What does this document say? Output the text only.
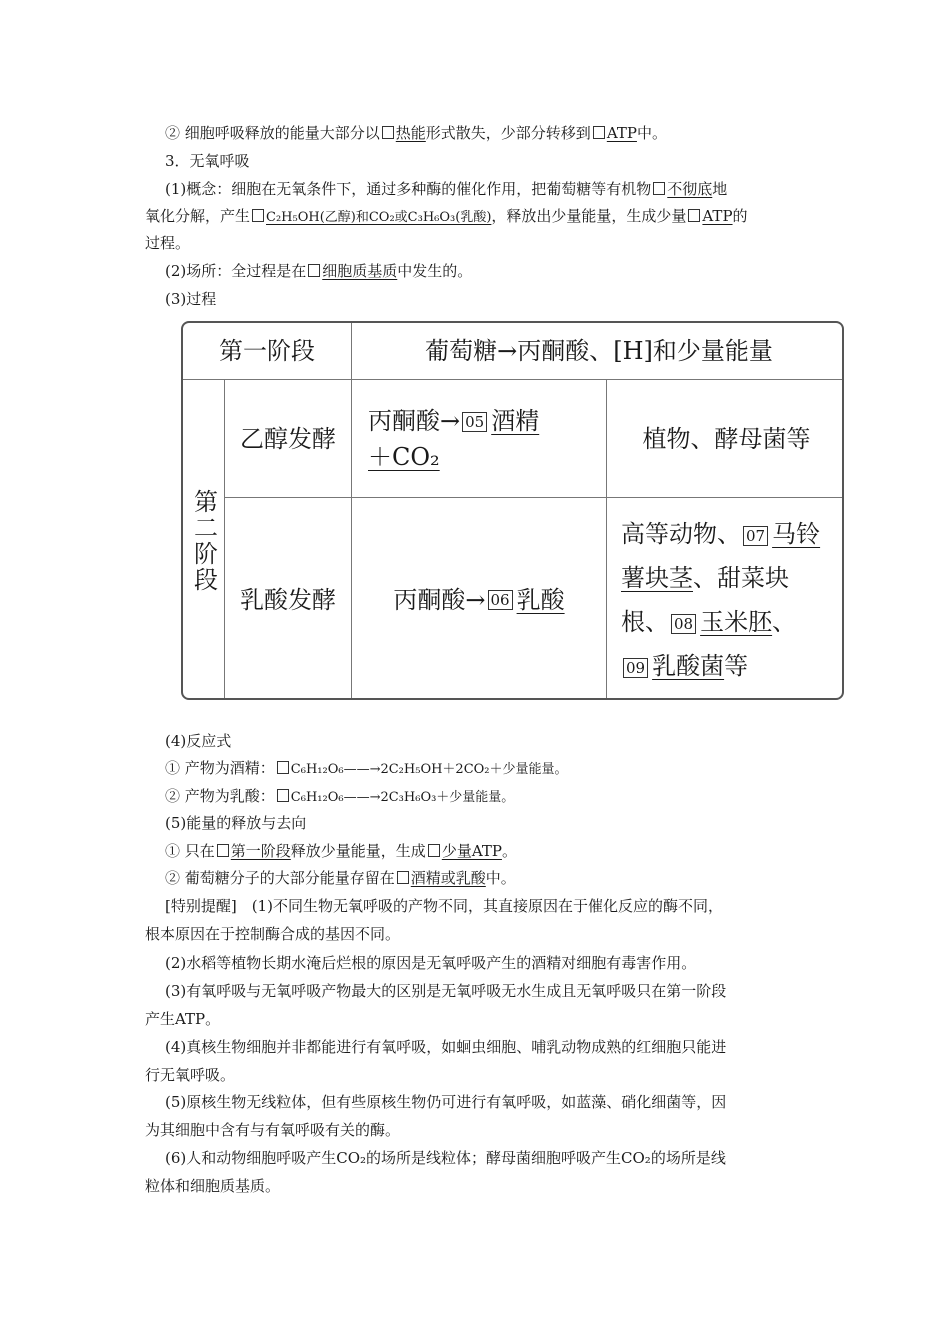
② 细胞呼吸释放的能量大部分以 热能形式散失，少部分转移到 ATP中。
3．无氧呼吸
(1)概念：细胞在无氧条件下，通过多种酶的催化作用，把葡萄糖等有机物 不彻底地
氧化分解，产生 C₂H₅OH(乙醇)和CO₂或C₃H₆O₃(乳酸)，释放出少量能量，生成少量 ATP的
过程。
(2)场所：全过程是在 细胞质基质中发生的。
(3)过程
第一阶段	葡萄糖→丙酮酸、[H]和少量能量
第二阶段
乙醇发酵
丙酮酸→ 05 酒精
＋CO₂
植物、酵母菌等
乳酸发酵	丙酮酸→ 06 乳酸
高等动物、 07 马铃
薯块茎、甜菜块
根、 08 玉米胚、
09 乳酸菌等
(4)反应式
① 产物为酒精： C₆H₁₂O₆——→2C₂H₅OH＋2CO₂＋少量能量。
② 产物为乳酸： C₆H₁₂O₆——→2C₃H₆O₃＋少量能量。
(5)能量的释放与去向
① 只在 第一阶段释放少量能量，生成 少量ATP。
② 葡萄糖分子的大部分能量存留在 酒精或乳酸中。
[特别提醒]　(1)不同生物无氧呼吸的产物不同，其直接原因在于催化反应的酶不同，
根本原因在于控制酶合成的基因不同。
(2)水稻等植物长期水淹后烂根的原因是无氧呼吸产生的酒精对细胞有毒害作用。
(3)有氧呼吸与无氧呼吸产物最大的区别是无氧呼吸无水生成且无氧呼吸只在第一阶段
产生ATP。
(4)真核生物细胞并非都能进行有氧呼吸，如蛔虫细胞、哺乳动物成熟的红细胞只能进
行无氧呼吸。
(5)原核生物无线粒体，但有些原核生物仍可进行有氧呼吸，如蓝藻、硝化细菌等，因
为其细胞中含有与有氧呼吸有关的酶。
(6)人和动物细胞呼吸产生CO₂的场所是线粒体；酵母菌细胞呼吸产生CO₂的场所是线
粒体和细胞质基质。
